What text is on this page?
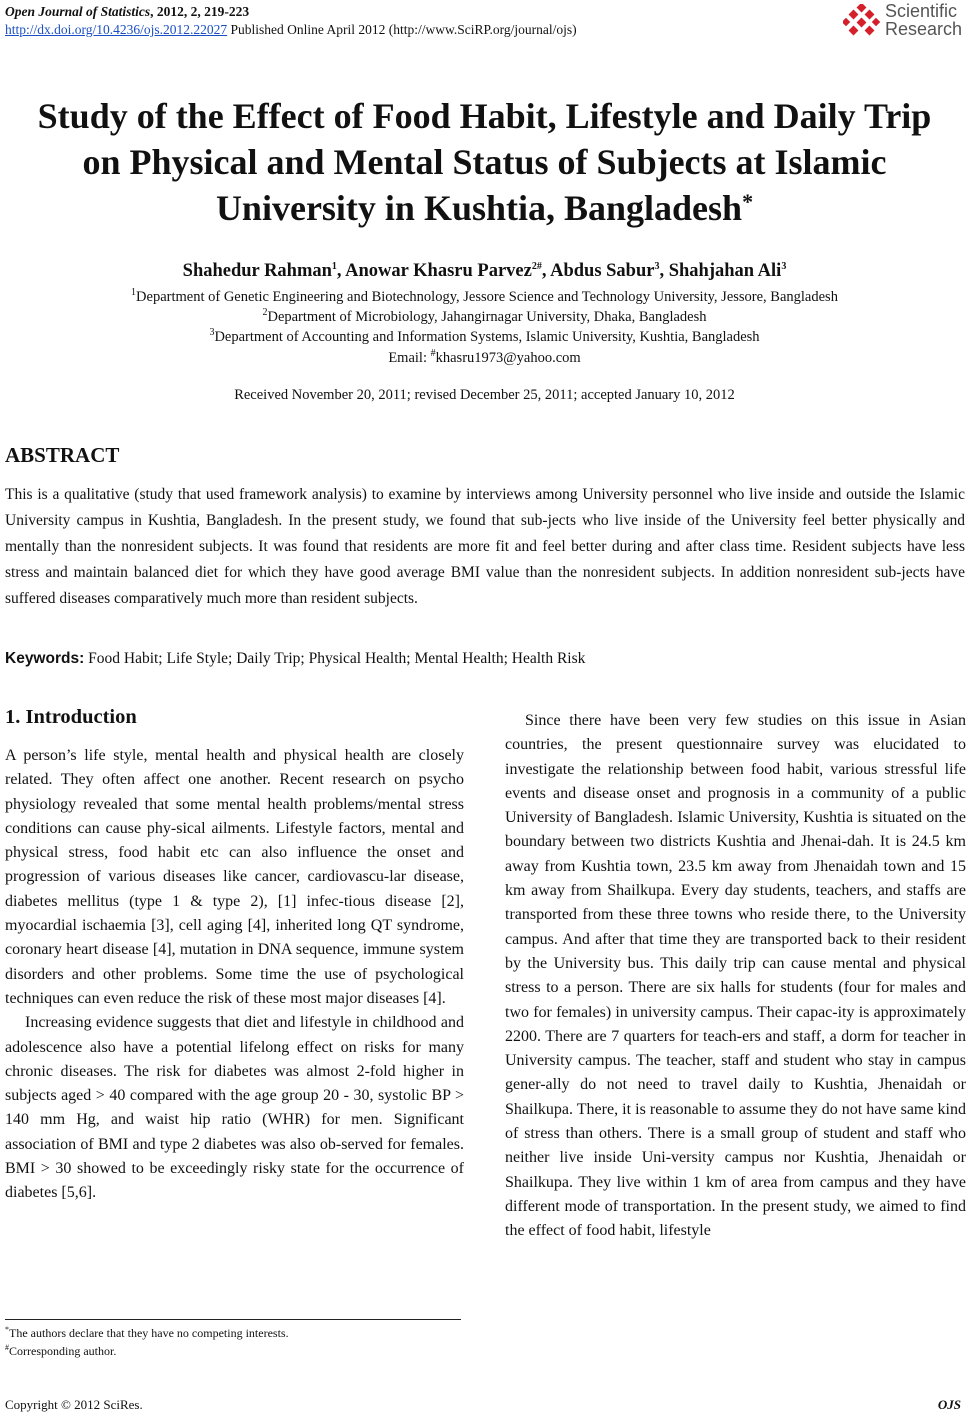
Open Journal of Statistics, 2012, 2, 219-223
http://dx.doi.org/10.4236/ojs.2012.22027 Published Online April 2012 (http://www.SciRP.org/journal/ojs)
Scientific
Research
Study of the Effect of Food Habit, Lifestyle and Daily Trip
on Physical and Mental Status of Subjects at Islamic
University in Kushtia, Bangladesh*
Shahedur Rahman$^1$, Anowar Khasru Parvez$^{2\#}$, Abdus Sabur$^3$, Shahjahan Ali$^3$
$^1$Department of Genetic Engineering and Biotechnology, Jessore Science and Technology University, Jessore, Bangladesh
$^2$Department of Microbiology, Jahangirnagar University, Dhaka, Bangladesh
$^3$Department of Accounting and Information Systems, Islamic University, Kushtia, Bangladesh
Email: #khasru1973@yahoo.com
Received November 20, 2011; revised December 25, 2011; accepted January 10, 2012
ABSTRACT

This is a qualitative (study that used framework analysis) to examine by interviews among University personnel who live inside and outside the Islamic University campus in Kushtia, Bangladesh. In the present study, we found that sub-jects who live inside of the University feel better physically and mentally than the nonresident subjects. It was found that residents are more fit and feel better during and after class time. Resident subjects have less stress and maintain balanced diet for which they have good average BMI value than the nonresident subjects. In addition nonresident sub-jects have suffered diseases comparatively much more than resident subjects.

Keywords: Food Habit; Life Style; Daily Trip; Physical Health; Mental Health; Health Risk
1. Introduction

A person’s life style, mental health and physical health are closely related. They often affect one another. Recent research on psycho physiology revealed that some mental health problems/mental stress conditions can cause phy-sical ailments. Lifestyle factors, mental and physical stress, food habit etc can also influence the onset and progression of various diseases like cancer, cardiovascu-lar disease, diabetes mellitus (type 1 & type 2), [1] infec-tious disease [2], myocardial ischaemia [3], cell aging [4], inherited long QT syndrome, coronary heart disease [4], mutation in DNA sequence, immune system disorders and other problems. Some time the use of psychological techniques can even reduce the risk of these most major diseases [4].

Increasing evidence suggests that diet and lifestyle in childhood and adolescence also have a potential lifelong effect on risks for many chronic diseases. The risk for diabetes was almost 2-fold higher in subjects aged > 40 compared with the age group 20 - 30, systolic BP > 140 mm Hg, and waist hip ratio (WHR) for men. Significant association of BMI and type 2 diabetes was also ob-served for females. BMI > 30 showed to be exceedingly risky state for the occurrence of diabetes [5,6].

Since there have been very few studies on this issue in Asian countries, the present questionnaire survey was elucidated to investigate the relationship between food habit, various stressful life events and disease onset and prognosis in a community of a public University of Bangladesh. Islamic University, Kushtia is situated on the boundary between two districts Kushtia and Jhenai-dah. It is 24.5 km away from Kushtia town, 23.5 km away from Jhenaidah town and 15 km away from Shailkupa. Every day students, teachers, and staffs are transported from these three towns who reside there, to the University campus. And after that time they are transported back to their resident by the University bus. This daily trip can cause mental and physical stress to a person. There are six halls for students (four for males and two for females) in university campus. Their capac-ity is approximately 2200. There are 7 quarters for teach-ers and staff, a dorm for teacher in University campus. The teacher, staff and student who stay in campus gener-ally do not need to travel daily to Kushtia, Jhenaidah or Shailkupa. There, it is reasonable to assume they do not have same kind of stress than others. There is a small group of student and staff who neither live inside Uni-versity campus nor Kushtia, Jhenaidah or Shailkupa. They live within 1 km of area from campus and they have different mode of transportation. In the present study, we aimed to find the effect of food habit, lifestyle

*The authors declare that they have no competing interests.
#Corresponding author.
Copyright © 2012 SciRes.	OJS
